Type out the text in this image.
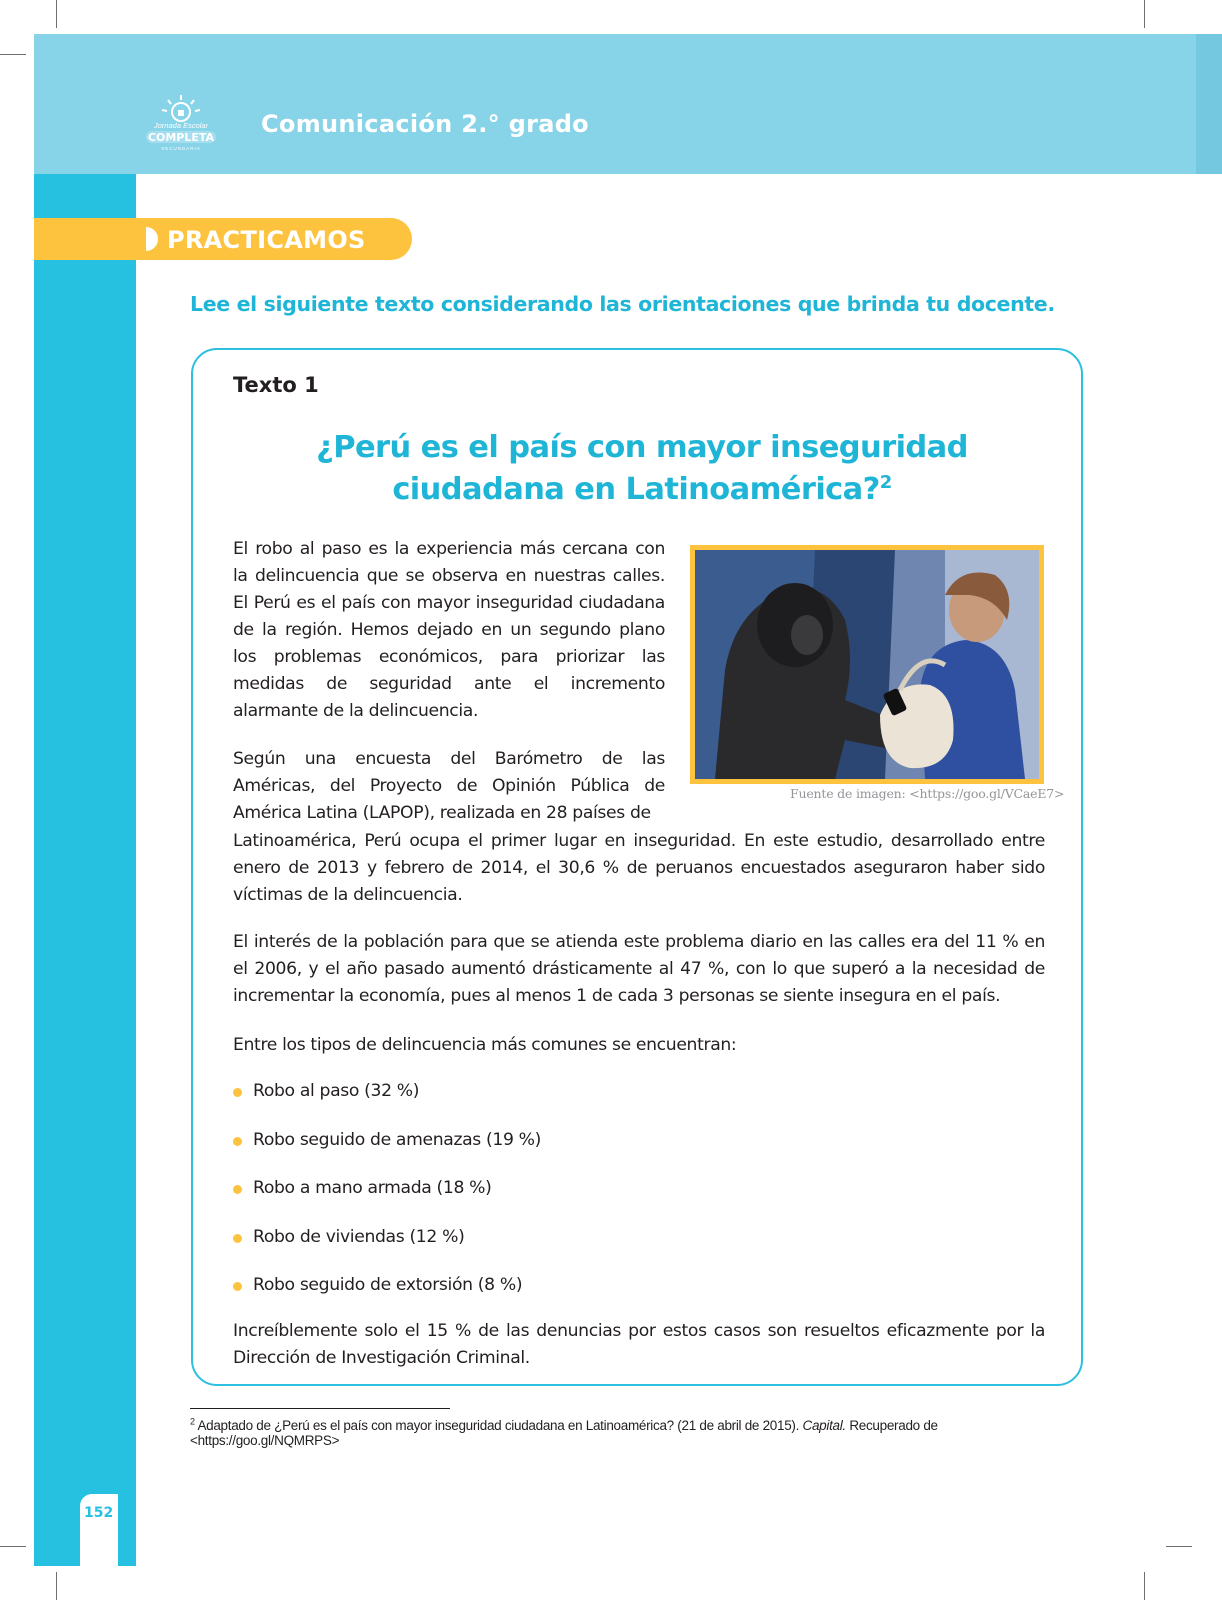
Jornada Escolar
COMPLETA
SECUNDARIA
Comunicación 2.° grado
PRACTICAMOS
Lee el siguiente texto considerando las orientaciones que brinda tu docente.
Texto 1
¿Perú es el país con mayor inseguridad ciudadana en Latinoamérica?$^2$

El robo al paso es la experiencia más cercana con la delincuencia que se observa en nuestras calles. El Perú es el país con mayor inseguridad ciudadana de la región. Hemos dejado en un segundo plano los problemas económicos, para priorizar las medidas de seguridad ante el incremento alarmante de la delincuencia.

Fuente de imagen: <https://goo.gl/VCaeE7>

Según una encuesta del Barómetro de las Américas, del Proyecto de Opinión Pública de América Latina (LAPOP), realizada en 28 países de

Latinoamérica, Perú ocupa el primer lugar en inseguridad. En este estudio, desarrollado entre enero de 2013 y febrero de 2014, el 30,6 % de peruanos encuestados aseguraron haber sido víctimas de la delincuencia.

El interés de la población para que se atienda este problema diario en las calles era del 11 % en el 2006, y el año pasado aumentó drásticamente al 47 %, con lo que superó a la necesidad de incrementar la economía, pues al menos 1 de cada 3 personas se siente insegura en el país.

Entre los tipos de delincuencia más comunes se encuentran:

Robo al paso (32 %)
Robo seguido de amenazas (19 %)
Robo a mano armada (18 %)
Robo de viviendas (12 %)
Robo seguido de extorsión (8 %)

Increíblemente solo el 15 % de las denuncias por estos casos son resueltos eficazmente por la Dirección de Investigación Criminal.

$^2$ Adaptado de ¿Perú es el país con mayor inseguridad ciudadana en Latinoamérica? (21 de abril de 2015). Capital. Recuperado de <https://goo.gl/NQMRPS>

152
